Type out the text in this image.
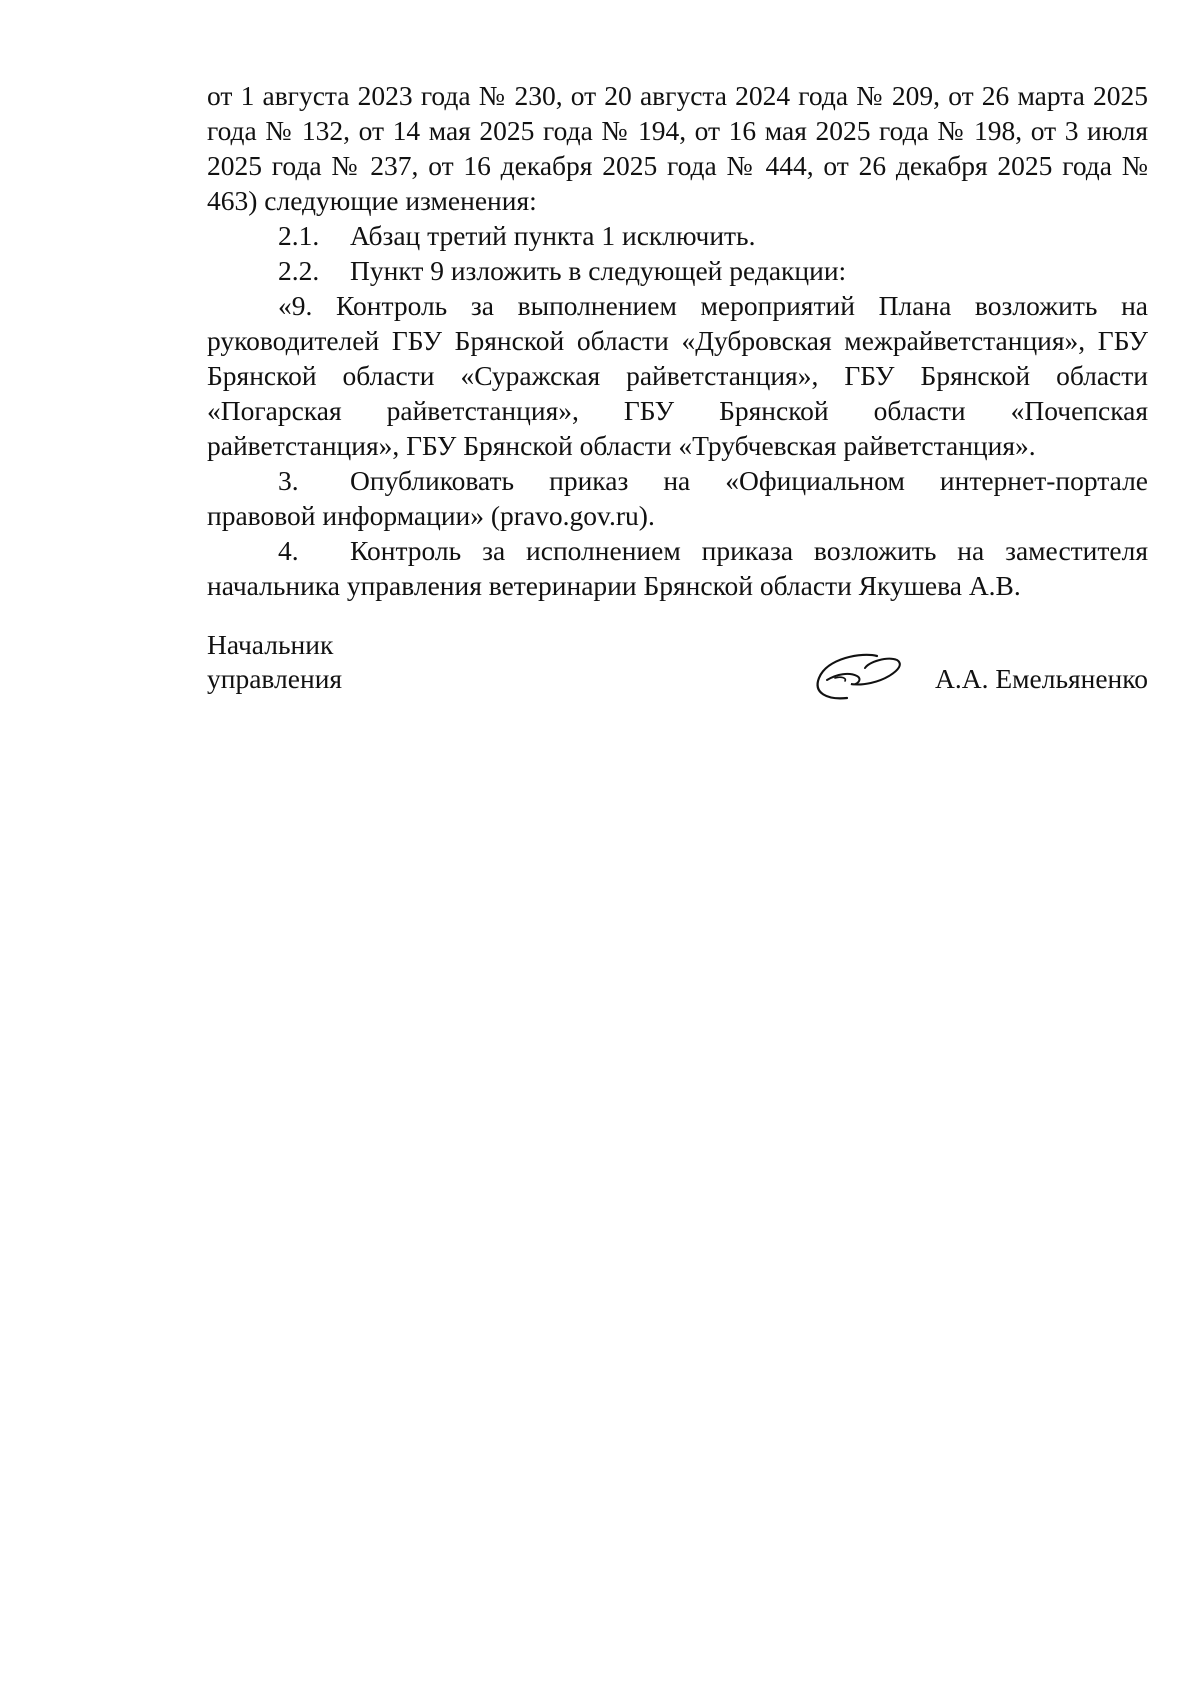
от 1 августа 2023 года № 230, от 20 августа 2024 года № 209, от 26 марта 2025 года № 132, от 14 мая 2025 года № 194, от 16 мая 2025 года № 198, от 3 июля 2025 года № 237, от 16 декабря 2025 года № 444, от 26 декабря 2025 года № 463) следующие изменения:

2.1.	Абзац третий пункта 1 исключить.
2.2.	Пункт 9 изложить в следующей редакции:

«9. Контроль за выполнением мероприятий Плана возложить на руководителей ГБУ Брянской области «Дубровская межрайветстанция», ГБУ Брянской области «Суражская райветстанция», ГБУ Брянской области «Погарская райветстанция», ГБУ Брянской области «Почепская райветстанция», ГБУ Брянской области «Трубчевская райветстанция».

3. Опубликовать приказ на «Официальном интернет-портале правовой информации» (pravo.gov.ru).

4. Контроль за исполнением приказа возложить на заместителя начальника управления ветеринарии Брянской области Якушева А.В.

Начальник
управления	А.А. Емельяненко
